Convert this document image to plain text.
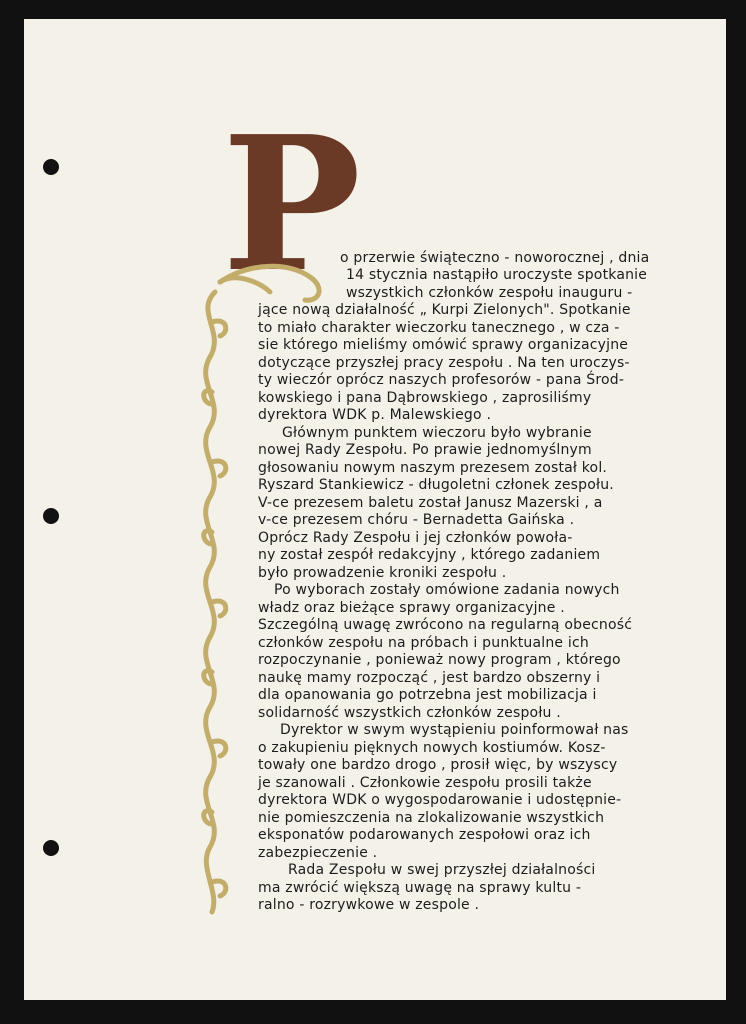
P
o przerwie świąteczno - noworocznej , dnia
14 stycznia nastąpiło uroczyste spotkanie
wszystkich członków zespołu inauguru -
jące nową działalność „ Kurpi Zielonych". Spotkanie
to miało charakter wieczorku tanecznego , w cza -
sie którego mieliśmy omówić sprawy organizacyjne
dotyczące przyszłej pracy zespołu . Na ten uroczys-
ty wieczór oprócz naszych profesorów - pana Środ-
kowskiego i pana Dąbrowskiego , zaprosiliśmy
dyrektora WDK p. Malewskiego .
Głównym punktem wieczoru było wybranie
nowej Rady Zespołu. Po prawie jednomyślnym
głosowaniu nowym naszym prezesem został kol.
Ryszard Stankiewicz - długoletni członek zespołu.
V-ce prezesem baletu został Janusz Mazerski , a
v-ce prezesem chóru - Bernadetta Gaińska .
Oprócz Rady Zespołu i jej członków powoła-
ny został zespół redakcyjny , którego zadaniem
było prowadzenie kroniki zespołu .
Po wyborach zostały omówione zadania nowych
władz oraz bieżące sprawy organizacyjne .
Szczególną uwagę zwrócono na regularną obecność
członków zespołu na próbach i punktualne ich
rozpoczynanie , ponieważ nowy program , którego
naukę mamy rozpocząć , jest bardzo obszerny i
dla opanowania go potrzebna jest mobilizacja i
solidarność wszystkich członków zespołu .
Dyrektor w swym wystąpieniu poinformował nas
o zakupieniu pięknych nowych kostiumów. Kosz-
towały one bardzo drogo , prosił więc, by wszyscy
je szanowali . Członkowie zespołu prosili także
dyrektora WDK o wygospodarowanie i udostępnie-
nie pomieszczenia na zlokalizowanie wszystkich
eksponatów podarowanych zespołowi oraz ich
zabezpieczenie .
Rada Zespołu w swej przyszłej działalności
ma zwrócić większą uwagę na sprawy kultu -
ralno - rozrywkowe w zespole .
